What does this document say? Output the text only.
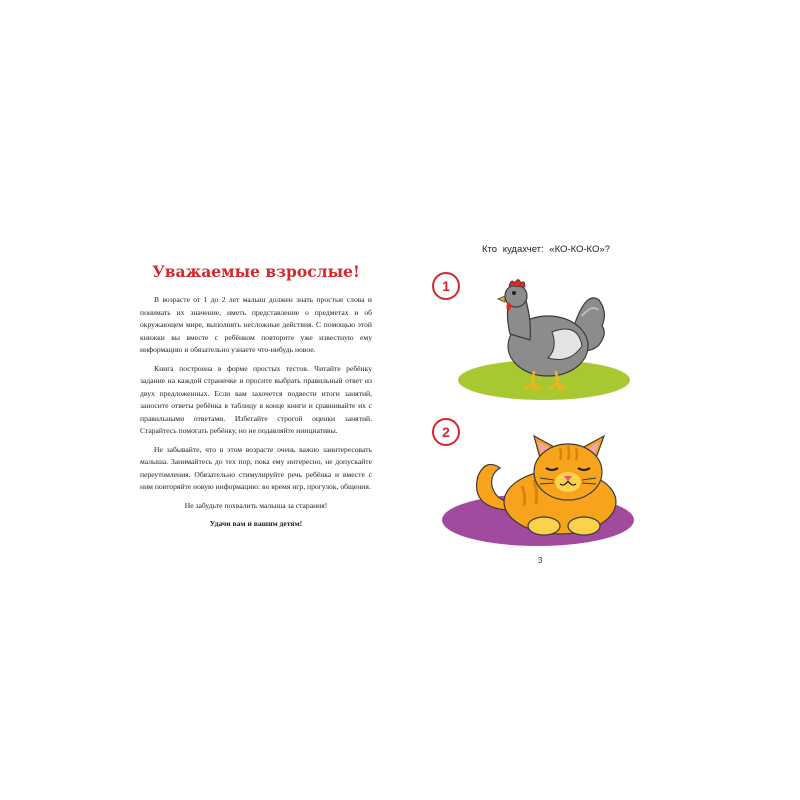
Уважаемые взрослые!

В возрасте от 1 до 2 лет малыш должен знать простые слова и понимать их значение, иметь представление о предметах и об окружающем мире, выполнять несложные действия. С помощью этой книжки вы вместе с ребёнком повторите уже известную ему информацию и обязательно узнаете что-нибудь новое.

Книга построена в форме простых тестов. Читайте ребёнку задание на каждой страничке и просите выбрать правильный ответ из двух предложенных. Если вам захочется подвести итоги занятий, заносите ответы ребёнка в таблицу в конце книги и сравнивайте их с правильными ответами. Избегайте строгой оценки занятий. Старайтесь помогать ребёнку, но не подавляйте инициативы.

Не забывайте, что в этом возрасте очень важно заинтересовать малыша. Занимайтесь до тех пор, пока ему интересно, не допускайте переутомления. Обязательно стимулируйте речь ребёнка и вместе с ним повторяйте новую информацию: во время игр, прогулок, общения.

Не забудьте похвалить малыша за старания!

Удачи вам и вашим детям!

Кто кудахчет: «КО-КО-КО»?
1
2
3
